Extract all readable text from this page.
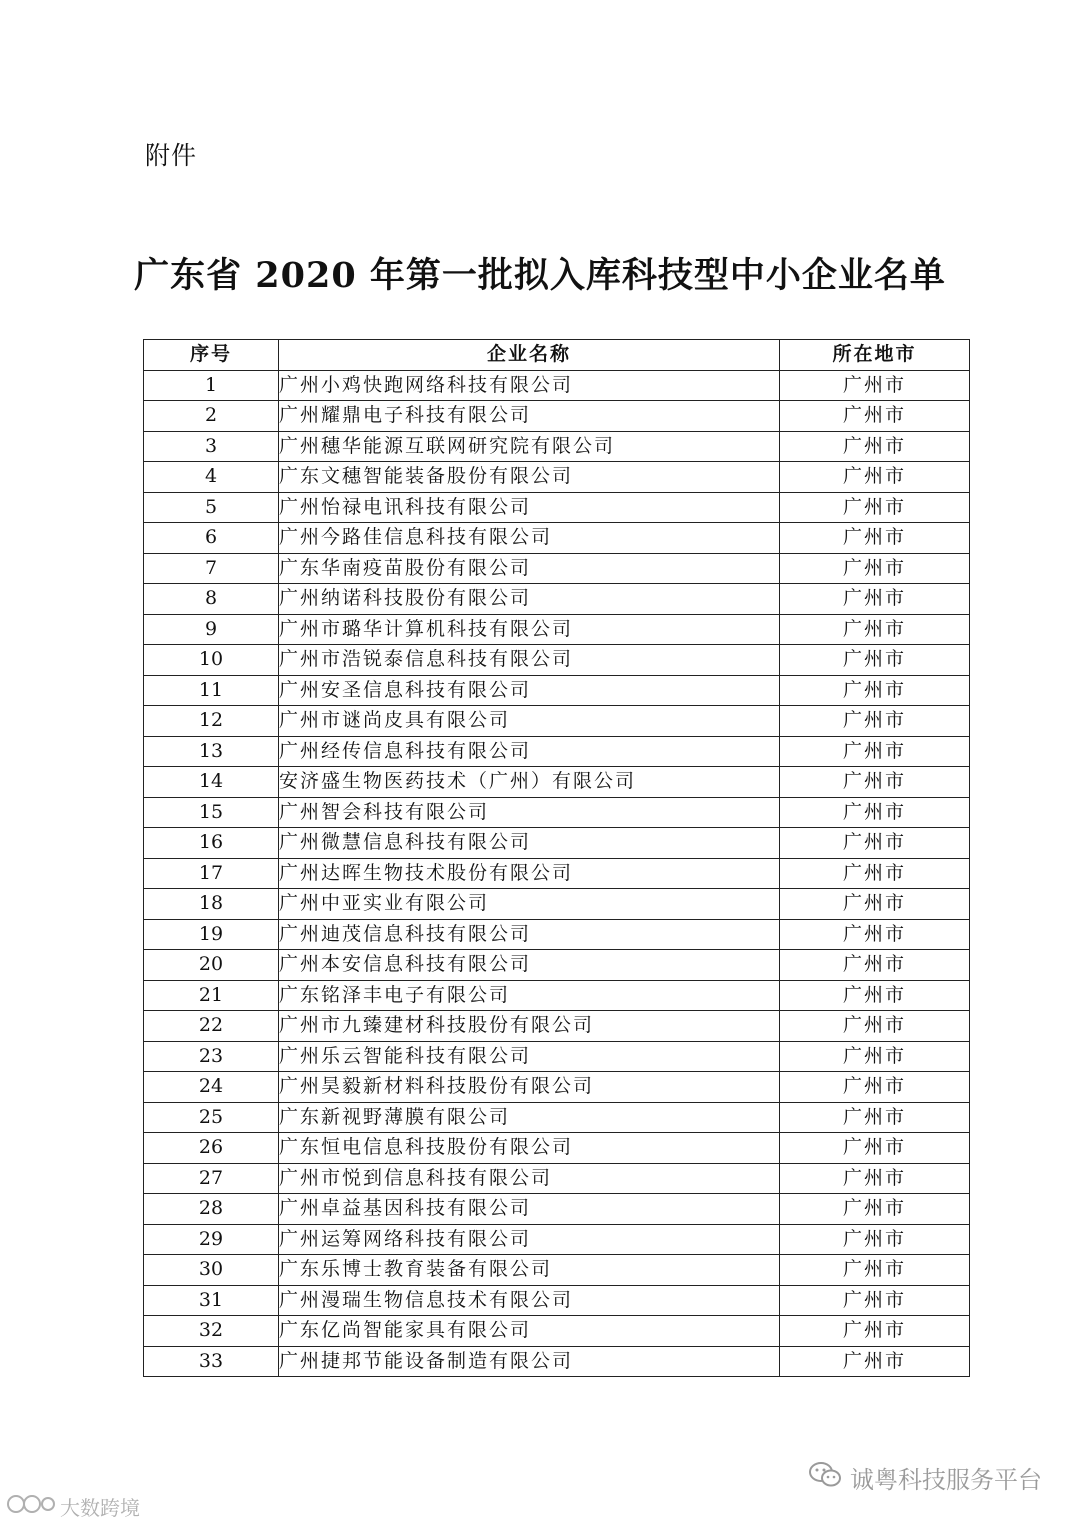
附件
广东省 2020 年第一批拟入库科技型中小企业名单
序号	企业名称	所在地市
1	广州小鸡快跑网络科技有限公司	广州市
2	广州耀鼎电子科技有限公司	广州市
3	广州穗华能源互联网研究院有限公司	广州市
4	广东文穗智能装备股份有限公司	广州市
5	广州怡禄电讯科技有限公司	广州市
6	广州今路佳信息科技有限公司	广州市
7	广东华南疫苗股份有限公司	广州市
8	广州纳诺科技股份有限公司	广州市
9	广州市璐华计算机科技有限公司	广州市
10	广州市浩锐泰信息科技有限公司	广州市
11	广州安圣信息科技有限公司	广州市
12	广州市谜尚皮具有限公司	广州市
13	广州经传信息科技有限公司	广州市
14	安济盛生物医药技术（广州）有限公司	广州市
15	广州智会科技有限公司	广州市
16	广州微慧信息科技有限公司	广州市
17	广州达晖生物技术股份有限公司	广州市
18	广州中亚实业有限公司	广州市
19	广州迪茂信息科技有限公司	广州市
20	广州本安信息科技有限公司	广州市
21	广东铭泽丰电子有限公司	广州市
22	广州市九臻建材科技股份有限公司	广州市
23	广州乐云智能科技有限公司	广州市
24	广州昊毅新材料科技股份有限公司	广州市
25	广东新视野薄膜有限公司	广州市
26	广东恒电信息科技股份有限公司	广州市
27	广州市悦到信息科技有限公司	广州市
28	广州卓益基因科技有限公司	广州市
29	广州运筹网络科技有限公司	广州市
30	广东乐博士教育装备有限公司	广州市
31	广州漫瑞生物信息技术有限公司	广州市
32	广东亿尚智能家具有限公司	广州市
33	广州捷邦节能设备制造有限公司	广州市
诚粤科技服务平台
大数跨境
